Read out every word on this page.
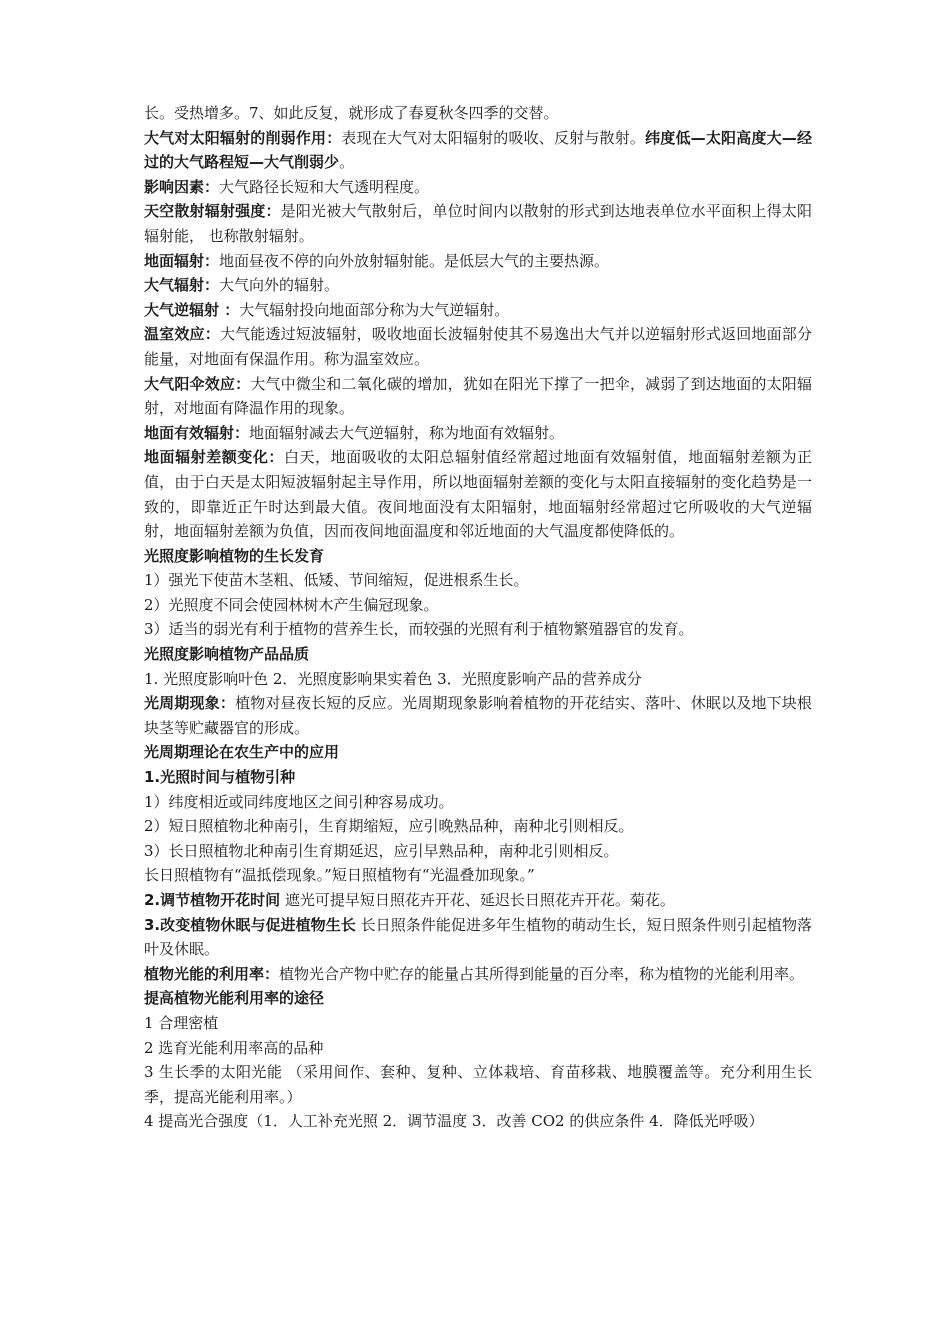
长。受热增多。7、如此反复，就形成了春夏秋冬四季的交替。

大气对太阳辐射的削弱作用：表现在大气对太阳辐射的吸收、反射与散射。纬度低—太阳高度大—经过的大气路程短—大气削弱少。

影响因素：大气路径长短和大气透明程度。

天空散射辐射强度：是阳光被大气散射后，单位时间内以散射的形式到达地表单位水平面积上得太阳辐射能， 也称散射辐射。

地面辐射：地面昼夜不停的向外放射辐射能。是低层大气的主要热源。

大气辐射：大气向外的辐射。

大气逆辐射 ：大气辐射投向地面部分称为大气逆辐射。

温室效应：大气能透过短波辐射，吸收地面长波辐射使其不易逸出大气并以逆辐射形式返回地面部分能量，对地面有保温作用。称为温室效应。

大气阳伞效应：大气中微尘和二氧化碳的增加，犹如在阳光下撑了一把伞，减弱了到达地面的太阳辐射，对地面有降温作用的现象。

地面有效辐射：地面辐射减去大气逆辐射，称为地面有效辐射。

地面辐射差额变化：白天，地面吸收的太阳总辐射值经常超过地面有效辐射值，地面辐射差额为正值，由于白天是太阳短波辐射起主导作用，所以地面辐射差额的变化与太阳直接辐射的变化趋势是一致的，即靠近正午时达到最大值。夜间地面没有太阳辐射，地面辐射经常超过它所吸收的大气逆辐射，地面辐射差额为负值，因而夜间地面温度和邻近地面的大气温度都使降低的。

光照度影响植物的生长发育

1）强光下使苗木茎粗、低矮、节间缩短，促进根系生长。

2）光照度不同会使园林树木产生偏冠现象。

3）适当的弱光有利于植物的营养生长，而较强的光照有利于植物繁殖器官的发育。

光照度影响植物产品品质

1. 光照度影响叶色 2．光照度影响果实着色 3．光照度影响产品的营养成分

光周期现象：植物对昼夜长短的反应。光周期现象影响着植物的开花结实、落叶、休眠以及地下块根块茎等贮藏器官的形成。

光周期理论在农生产中的应用

1.光照时间与植物引种

1）纬度相近或同纬度地区之间引种容易成功。

2）短日照植物北种南引，生育期缩短，应引晚熟品种，南种北引则相反。

3）长日照植物北种南引生育期延迟，应引早熟品种，南种北引则相反。

长日照植物有“温抵偿现象。”短日照植物有“光温叠加现象。”

2.调节植物开花时间 遮光可提早短日照花卉开花、延迟长日照花卉开花。菊花。

3.改变植物休眠与促进植物生长 长日照条件能促进多年生植物的萌动生长，短日照条件则引起植物落叶及休眠。

植物光能的利用率：植物光合产物中贮存的能量占其所得到能量的百分率，称为植物的光能利用率。

提高植物光能利用率的途径

1 合理密植

2 选育光能利用率高的品种

3 生长季的太阳光能 （采用间作、套种、复种、立体栽培、育苗移栽、地膜覆盖等。充分利用生长季，提高光能利用率。）

4 提高光合强度（1．人工补充光照 2．调节温度 3．改善 CO2 的供应条件 4．降低光呼吸）
